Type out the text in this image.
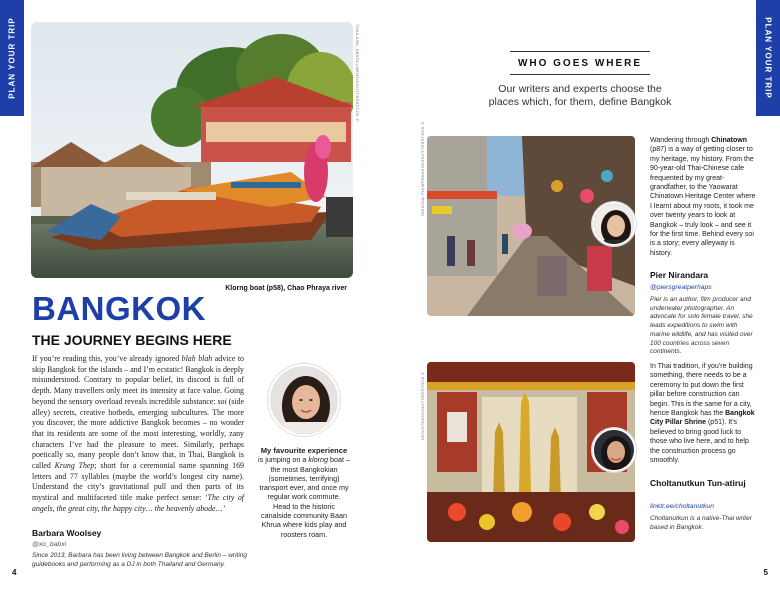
PLAN YOUR TRIP	PLAN YOUR TRIP
THAILAND_ABSOLUMENT/SHUTTERSTOCK ©
Klorng boat (p58), Chao Phraya river
BANGKOK
THE JOURNEY BEGINS HERE
If you’re reading this, you’ve already ignored blah blah advice to skip Bangkok for the islands – and I’m ecstatic! Bangkok is deeply misunderstood. Contrary to popular belief, its discord is full of depth. Many travellers only meet its intensity at face value. Going beyond the sensory overload reveals incredible substance: soi (side alley) secrets, creative hotbeds, emerging subcultures. The more you discover, the more addictive Bangkok becomes – no wonder that its residents are some of the most interesting, worldly, zany characters I’ve had the pleasure to meet. Similarly, perhaps poetically so, many people don’t know that, in Thai, Bangkok is called Krung Thep; short for a ceremonial name spanning 169 letters and 77 syllables (maybe the world’s longest city name). Understand the city’s gravitational pull and then parts of its mystical and multifaceted title make perfect sense: ‘The city of angels, the great city, the happy city… the heavenly abode…’
Barbara Woolsey
@xo_babxi
Since 2013, Barbara has been living between Bangkok and Berlin – writing guidebooks and performing as a DJ in both Thailand and Germany.
My favourite experience
is jumping on a klorng boat – the most Bangkokian (sometimes, terrifying) transport ever, and once my regular work commute. Head to the historic canalside community Baan Khrua where kids play and roosters roam.
4
WHO GOES WHERE
Our writers and experts choose the places which, for them, define Bangkok
SIRICHAI PHIMPRAKHIN/SHUTTERSTOCK ©	Wandering through Chinatown (p87) is a way of getting closer to my heritage, my history. From the 90-year-old Thai-Chinese cafe frequented by my great-grandfather, to the Yaowarat Chinatown Heritage Center where I learnt about my roots, it took me over twenty years to look at Bangkok – truly look – and see it for the first time. Behind every soi is a story; every alleyway is history.
Pier Nirandara
@piersgreatperhaps
Pier is an author, film producer and underwater photographer. An advocate for solo female travel, she leads expeditions to swim with marine wildlife, and has visited over 100 countries across seven continents.
DENISTOAN/SHUTTERSTOCK ©
In Thai tradition, if you’re building something, there needs to be a ceremony to put down the first pillar before construction can begin. This is the same for a city, hence Bangkok has the Bangkok City Pillar Shrine (p51). It’s believed to bring good luck to those who live here, and to help the construction process go smoothly.
Choltanutkun Tun-atiruj
linktr.ee/choltanutkun
Choltanutkun is a native-Thai writer based in Bangkok.
5
